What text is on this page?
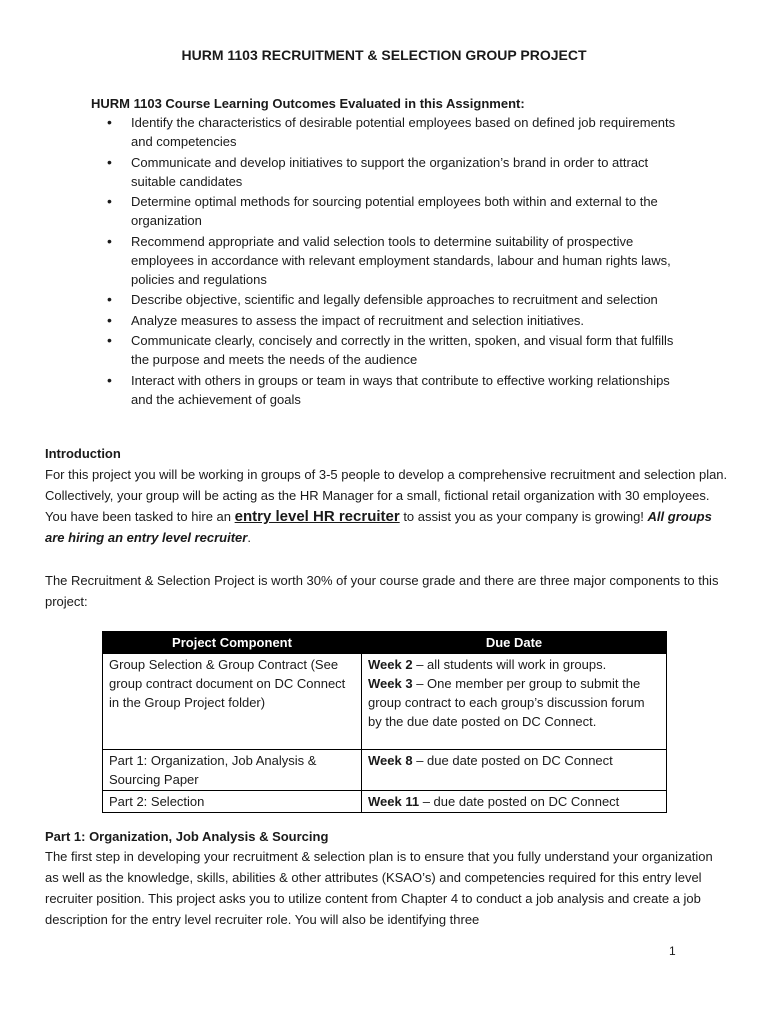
HURM 1103 RECRUITMENT & SELECTION GROUP PROJECT
HURM 1103 Course Learning Outcomes Evaluated in this Assignment:
• Identify the characteristics of desirable potential employees based on defined job requirements and competencies
• Communicate and develop initiatives to support the organization’s brand in order to attract suitable candidates
• Determine optimal methods for sourcing potential employees both within and external to the organization
• Recommend appropriate and valid selection tools to determine suitability of prospective employees in accordance with relevant employment standards, labour and human rights laws, policies and regulations
• Describe objective, scientific and legally defensible approaches to recruitment and selection
• Analyze measures to assess the impact of recruitment and selection initiatives.
• Communicate clearly, concisely and correctly in the written, spoken, and visual form that fulfills the purpose and meets the needs of the audience
• Interact with others in groups or team in ways that contribute to effective working relationships and the achievement of goals
Introduction
For this project you will be working in groups of 3-5 people to develop a comprehensive recruitment and selection plan. Collectively, your group will be acting as the HR Manager for a small, fictional retail organization with 30 employees. You have been tasked to hire an entry level HR recruiter to assist you as your company is growing! All groups are hiring an entry level recruiter.
The Recruitment & Selection Project is worth 30% of your course grade and there are three major components to this project:
Project Component	Due Date
Group Selection & Group Contract (See group contract document on DC Connect in the Group Project folder)	Week 2 – all students will work in groups.
Week 3 – One member per group to submit the group contract to each group’s discussion forum by the due date posted on DC Connect.

Part 1: Organization, Job Analysis & Sourcing Paper	Week 8 – due date posted on DC Connect
Part 2: Selection	Week 11 – due date posted on DC Connect
Part 1: Organization, Job Analysis & Sourcing
The first step in developing your recruitment & selection plan is to ensure that you fully understand your organization as well as the knowledge, skills, abilities & other attributes (KSAO’s) and competencies required for this entry level recruiter position. This project asks you to utilize content from Chapter 4 to conduct a job analysis and create a job description for the entry level recruiter role. You will also be identifying three
1
